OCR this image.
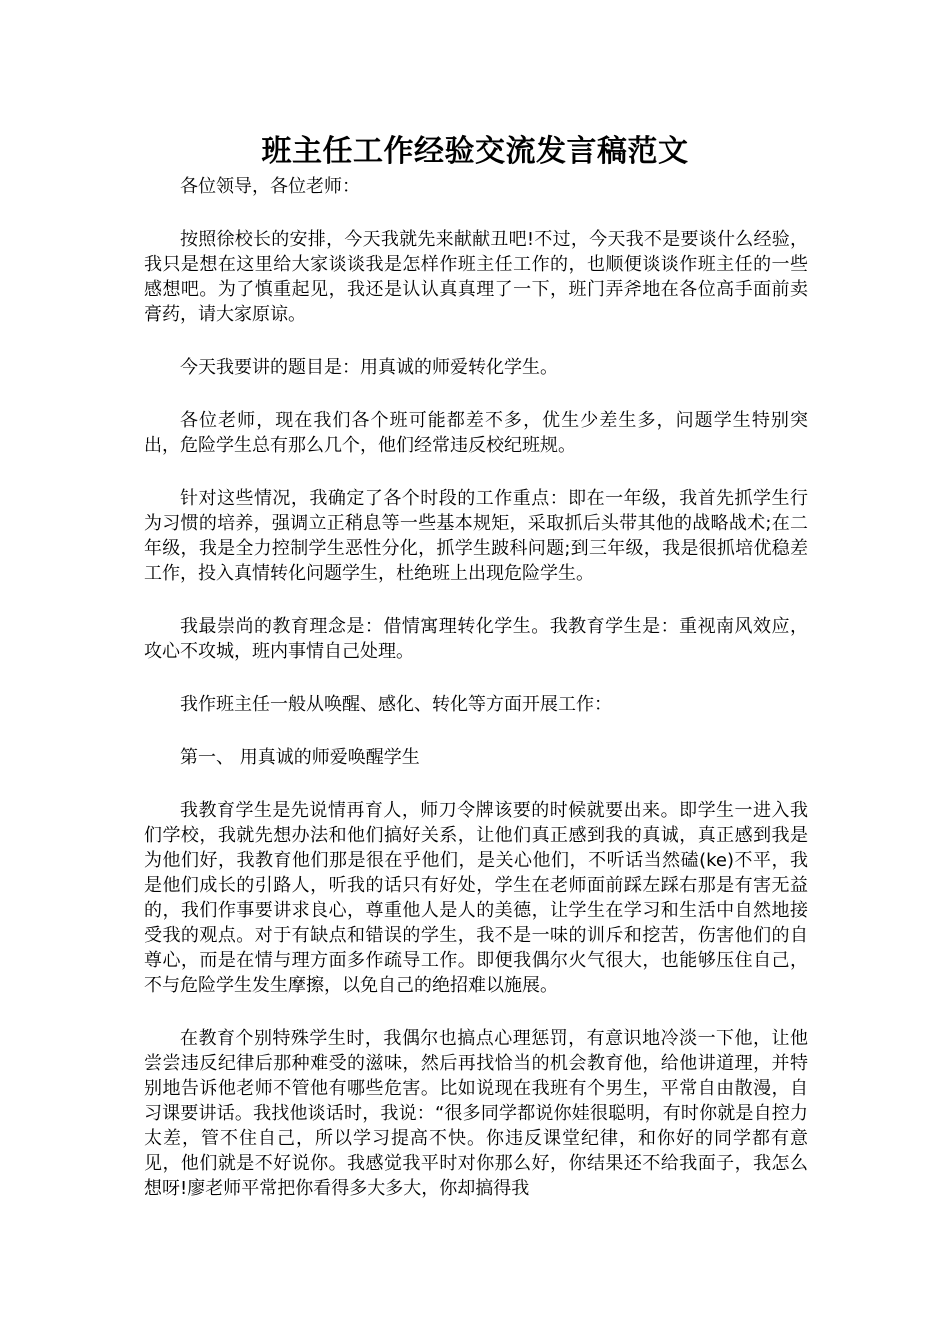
班主任工作经验交流发言稿范文

各位领导，各位老师：

按照徐校长的安排，今天我就先来献献丑吧!不过，今天我不是要谈什么经验，我只是想在这里给大家谈谈我是怎样作班主任工作的，也顺便谈谈作班主任的一些感想吧。为了慎重起见，我还是认认真真理了一下，班门弄斧地在各位高手面前卖膏药，请大家原谅。

今天我要讲的题目是：用真诚的师爱转化学生。

各位老师，现在我们各个班可能都差不多，优生少差生多，问题学生特别突出，危险学生总有那么几个，他们经常违反校纪班规。

针对这些情况，我确定了各个时段的工作重点：即在一年级，我首先抓学生行为习惯的培养，强调立正稍息等一些基本规矩，采取抓后头带其他的战略战术;在二年级，我是全力控制学生恶性分化，抓学生跛科问题;到三年级，我是很抓培优稳差工作，投入真情转化问题学生，杜绝班上出现危险学生。

我最崇尚的教育理念是：借情寓理转化学生。我教育学生是：重视南风效应，攻心不攻城，班内事情自己处理。

我作班主任一般从唤醒、感化、转化等方面开展工作：

第一、 用真诚的师爱唤醒学生

我教育学生是先说情再育人，师刀令牌该要的时候就要出来。即学生一进入我们学校，我就先想办法和他们搞好关系，让他们真正感到我的真诚，真正感到我是为他们好，我教育他们那是很在乎他们，是关心他们，不听话当然磕(ke)不平，我是他们成长的引路人，听我的话只有好处，学生在老师面前踩左踩右那是有害无益的，我们作事要讲求良心，尊重他人是人的美德，让学生在学习和生活中自然地接受我的观点。对于有缺点和错误的学生，我不是一味的训斥和挖苦，伤害他们的自尊心，而是在情与理方面多作疏导工作。即便我偶尔火气很大，也能够压住自己，不与危险学生发生摩擦，以免自己的绝招难以施展。

在教育个别特殊学生时，我偶尔也搞点心理惩罚，有意识地冷淡一下他，让他尝尝违反纪律后那种难受的滋味，然后再找恰当的机会教育他，给他讲道理，并特别地告诉他老师不管他有哪些危害。比如说现在我班有个男生，平常自由散漫，自习课要讲话。我找他谈话时，我说：“很多同学都说你娃很聪明，有时你就是自控力太差，管不住自己，所以学习提高不快。你违反课堂纪律，和你好的同学都有意见，他们就是不好说你。我感觉我平时对你那么好，你结果还不给我面子，我怎么想呀!廖老师平常把你看得多大多大，你却搞得我
